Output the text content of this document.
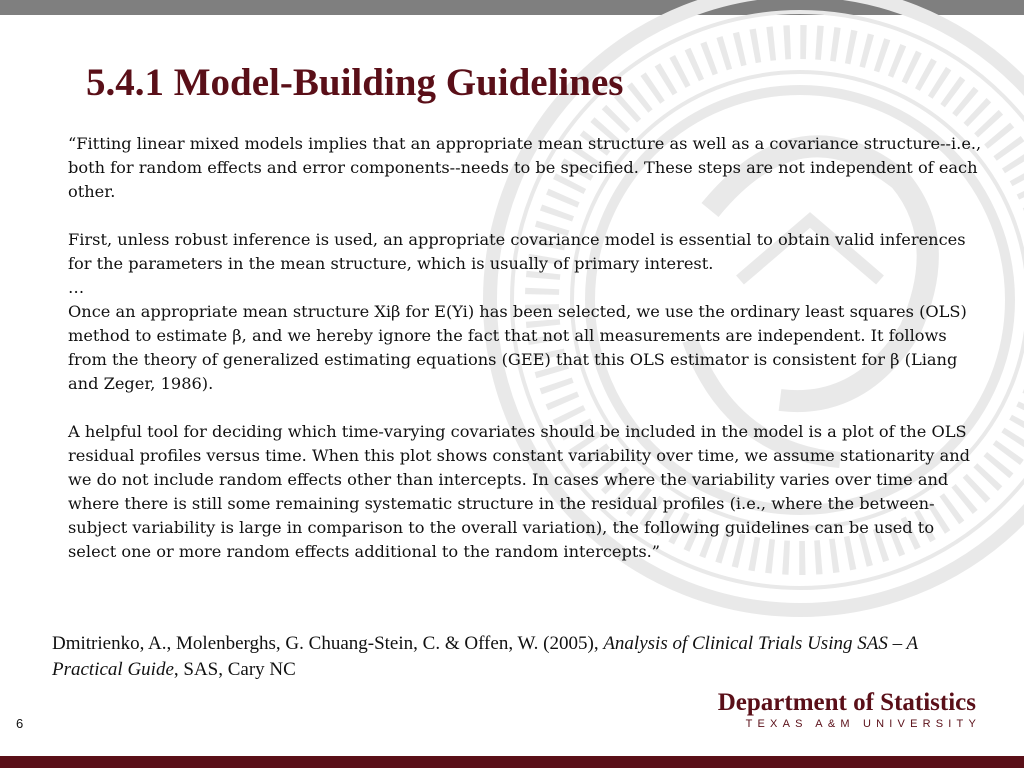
5.4.1 Model-Building Guidelines

“Fitting linear mixed models implies that an appropriate mean structure as well as a covariance structure--i.e., both for random effects and error components--needs to be specified. These steps are not independent of each other.

First, unless robust inference is used, an appropriate covariance model is essential to obtain valid inferences for the parameters in the mean structure, which is usually of primary interest.

…

Once an appropriate mean structure Xiβ for E(Yi) has been selected, we use the ordinary least squares (OLS) method to estimate β, and we hereby ignore the fact that not all measurements are independent. It follows from the theory of generalized estimating equations (GEE) that this OLS estimator is consistent for β (Liang and Zeger, 1986).

A helpful tool for deciding which time-varying covariates should be included in the model is a plot of the OLS residual profiles versus time. When this plot shows constant variability over time, we assume stationarity and we do not include random effects other than intercepts. In cases where the variability varies over time and where there is still some remaining systematic structure in the residual profiles (i.e., where the between-subject variability is large in comparison to the overall variation), the following guidelines can be used to select one or more random effects additional to the random intercepts.”

Dmitrienko, A., Molenberghs, G. Chuang-Stein, C. & Offen, W. (2005), Analysis of Clinical Trials Using SAS – A Practical Guide, SAS, Cary NC
Department of Statistics
TEXAS A&M UNIVERSITY
6
